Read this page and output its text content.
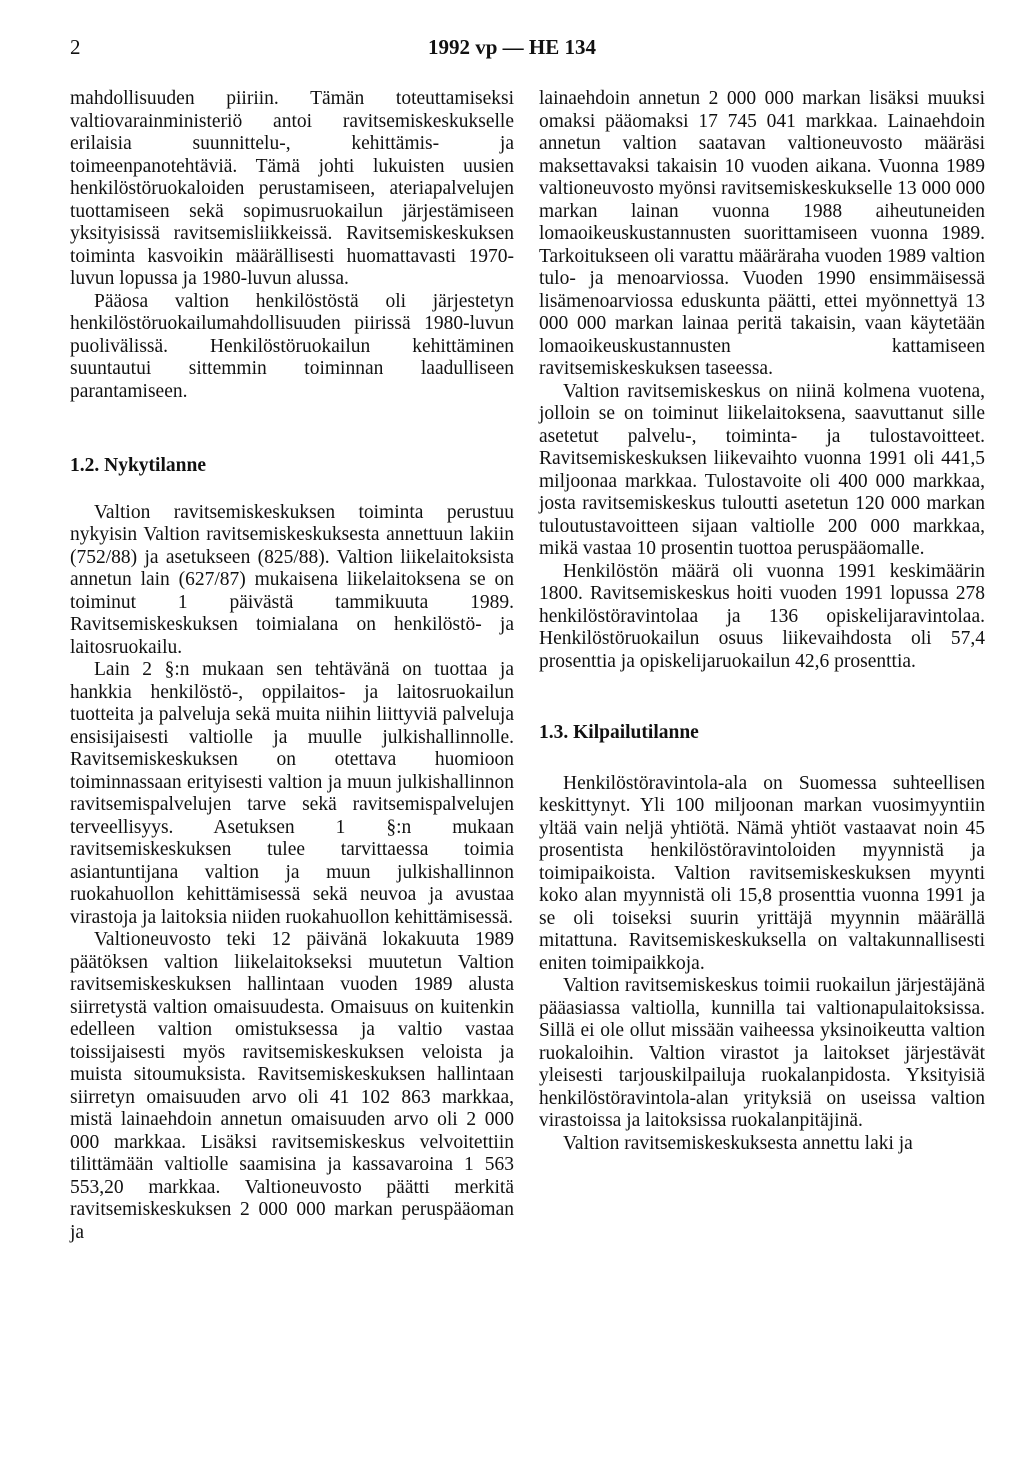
2	1992 vp — HE 134

mahdollisuuden piiriin. Tämän toteuttamiseksi valtiovarainministeriö antoi ravitsemiskeskukselle erilaisia suunnittelu-, kehittämis- ja toimeenpanotehtäviä. Tämä johti lukuisten uusien henkilöstöruokaloiden perustamiseen, ateriapalvelujen tuottamiseen sekä sopimusruokailun järjestämiseen yksityisissä ravitsemisliikkeissä. Ravitsemiskeskuksen toiminta kasvoikin määrällisesti huomattavasti 1970-luvun lopussa ja 1980-luvun alussa.

Pääosa valtion henkilöstöstä oli järjestetyn henkilöstöruokailumahdollisuuden piirissä 1980-luvun puolivälissä. Henkilöstöruokailun kehittäminen suuntautui sittemmin toiminnan laadulliseen parantamiseen.

1.2. Nykytilanne

Valtion ravitsemiskeskuksen toiminta perustuu nykyisin Valtion ravitsemiskeskuksesta annettuun lakiin (752/88) ja asetukseen (825/88). Valtion liikelaitoksista annetun lain (627/87) mukaisena liikelaitoksena se on toiminut 1 päivästä tammikuuta 1989. Ravitsemiskeskuksen toimialana on henkilöstö- ja laitosruokailu.

Lain 2 §:n mukaan sen tehtävänä on tuottaa ja hankkia henkilöstö-, oppilaitos- ja laitosruokailun tuotteita ja palveluja sekä muita niihin liittyviä palveluja ensisijaisesti valtiolle ja muulle julkishallinnolle. Ravitsemiskeskuksen on otettava huomioon toiminnassaan erityisesti valtion ja muun julkishallinnon ravitsemispalvelujen tarve sekä ravitsemispalvelujen terveellisyys. Asetuksen 1 §:n mukaan ravitsemiskeskuksen tulee tarvittaessa toimia asiantuntijana valtion ja muun julkishallinnon ruokahuollon kehittämisessä sekä neuvoa ja avustaa virastoja ja laitoksia niiden ruokahuollon kehittämisessä.

Valtioneuvosto teki 12 päivänä lokakuuta 1989 päätöksen valtion liikelaitokseksi muutetun Valtion ravitsemiskeskuksen hallintaan vuoden 1989 alusta siirretystä valtion omaisuudesta. Omaisuus on kuitenkin edelleen valtion omistuksessa ja valtio vastaa toissijaisesti myös ravitsemiskeskuksen veloista ja muista sitoumuksista. Ravitsemiskeskuksen hallintaan siirretyn omaisuuden arvo oli 41 102 863 markkaa, mistä lainaehdoin annetun omaisuuden arvo oli 2 000 000 markkaa. Lisäksi ravitsemiskeskus velvoitettiin tilittämään valtiolle saamisina ja kassavaroina 1 563 553,20 markkaa. Valtioneuvosto päätti merkitä ravitsemiskeskuksen 2 000 000 markan peruspääoman ja

lainaehdoin annetun 2 000 000 markan lisäksi muuksi omaksi pääomaksi 17 745 041 markkaa. Lainaehdoin annetun valtion saatavan valtioneuvosto määräsi maksettavaksi takaisin 10 vuoden aikana. Vuonna 1989 valtioneuvosto myönsi ravitsemiskeskukselle 13 000 000 markan lainan vuonna 1988 aiheutuneiden lomaoikeuskustannusten suorittamiseen vuonna 1989. Tarkoitukseen oli varattu määräraha vuoden 1989 valtion tulo- ja menoarviossa. Vuoden 1990 ensimmäisessä lisämenoarviossa eduskunta päätti, ettei myönnettyä 13 000 000 markan lainaa peritä takaisin, vaan käytetään lomaoikeuskustannusten kattamiseen ravitsemiskeskuksen taseessa.

Valtion ravitsemiskeskus on niinä kolmena vuotena, jolloin se on toiminut liikelaitoksena, saavuttanut sille asetetut palvelu-, toiminta- ja tulostavoitteet. Ravitsemiskeskuksen liikevaihto vuonna 1991 oli 441,5 miljoonaa markkaa. Tulostavoite oli 400 000 markkaa, josta ravitsemiskeskus tuloutti asetetun 120 000 markan tuloutustavoitteen sijaan valtiolle 200 000 markkaa, mikä vastaa 10 prosentin tuottoa peruspääomalle.

Henkilöstön määrä oli vuonna 1991 keskimäärin 1800. Ravitsemiskeskus hoiti vuoden 1991 lopussa 278 henkilöstöravintolaa ja 136 opiskelijaravintolaa. Henkilöstöruokailun osuus liikevaihdosta oli 57,4 prosenttia ja opiskelijaruokailun 42,6 prosenttia.

1.3. Kilpailutilanne

Henkilöstöravintola-ala on Suomessa suhteellisen keskittynyt. Yli 100 miljoonan markan vuosimyyntiin yltää vain neljä yhtiötä. Nämä yhtiöt vastaavat noin 45 prosentista henkilöstöravintoloiden myynnistä ja toimipaikoista. Valtion ravitsemiskeskuksen myynti koko alan myynnistä oli 15,8 prosenttia vuonna 1991 ja se oli toiseksi suurin yrittäjä myynnin määrällä mitattuna. Ravitsemiskeskuksella on valtakunnallisesti eniten toimipaikkoja.

Valtion ravitsemiskeskus toimii ruokailun järjestäjänä pääasiassa valtiolla, kunnilla tai valtionapulaitoksissa. Sillä ei ole ollut missään vaiheessa yksinoikeutta valtion ruokaloihin. Valtion virastot ja laitokset järjestävät yleisesti tarjouskilpailuja ruokalanpidosta. Yksityisiä henkilöstöravintola-alan yrityksiä on useissa valtion virastoissa ja laitoksissa ruokalanpitäjinä.

Valtion ravitsemiskeskuksesta annettu laki ja
